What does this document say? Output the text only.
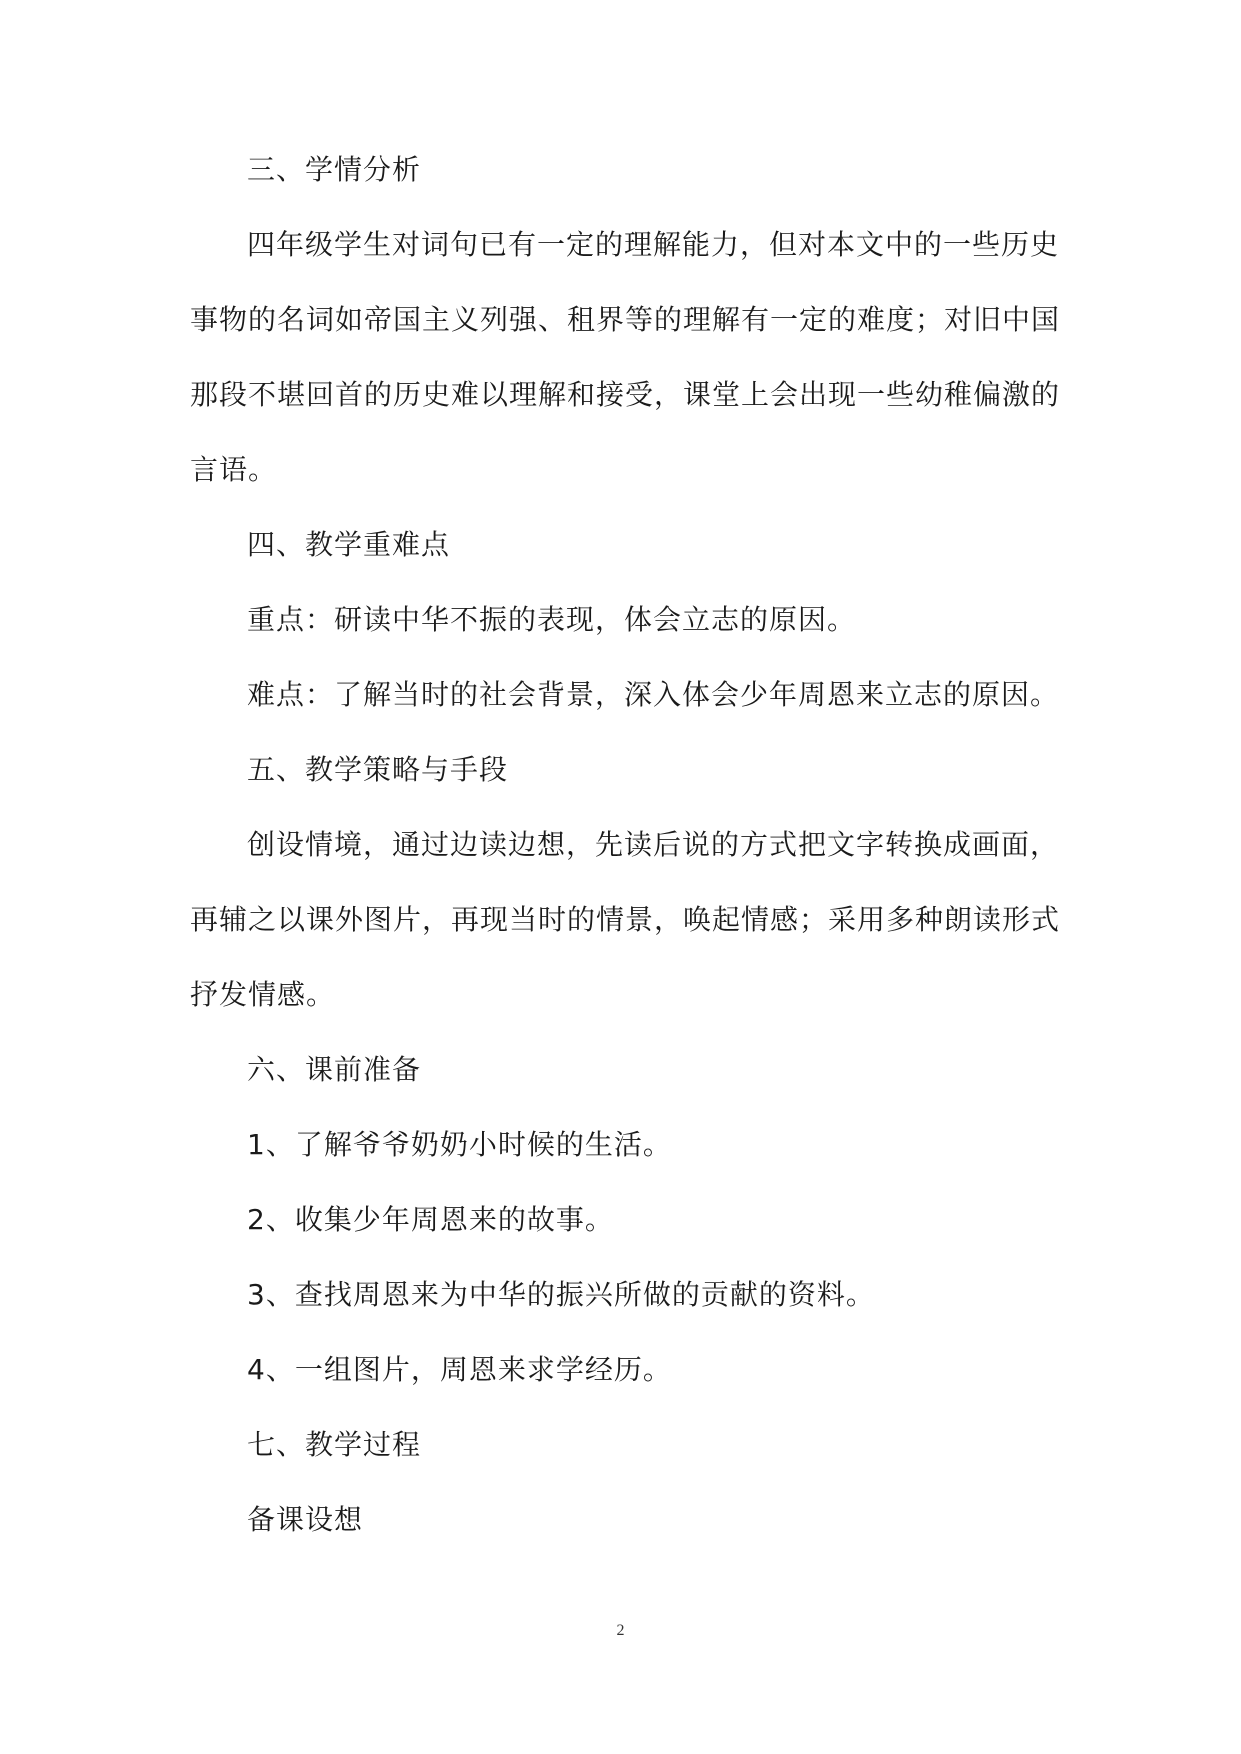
三、学情分析
四年级学生对词句已有一定的理解能力，但对本文中的一些历史
事物的名词如帝国主义列强、租界等的理解有一定的难度；对旧中国
那段不堪回首的历史难以理解和接受，课堂上会出现一些幼稚偏激的
言语。
四、教学重难点
重点：研读中华不振的表现，体会立志的原因。
难点：了解当时的社会背景，深入体会少年周恩来立志的原因。
五、教学策略与手段
创设情境，通过边读边想，先读后说的方式把文字转换成画面，
再辅之以课外图片，再现当时的情景，唤起情感；采用多种朗读形式
抒发情感。
六、课前准备
1、了解爷爷奶奶小时候的生活。
2、收集少年周恩来的故事。
3、查找周恩来为中华的振兴所做的贡献的资料。
4、一组图片，周恩来求学经历。
七、教学过程
备课设想
2
